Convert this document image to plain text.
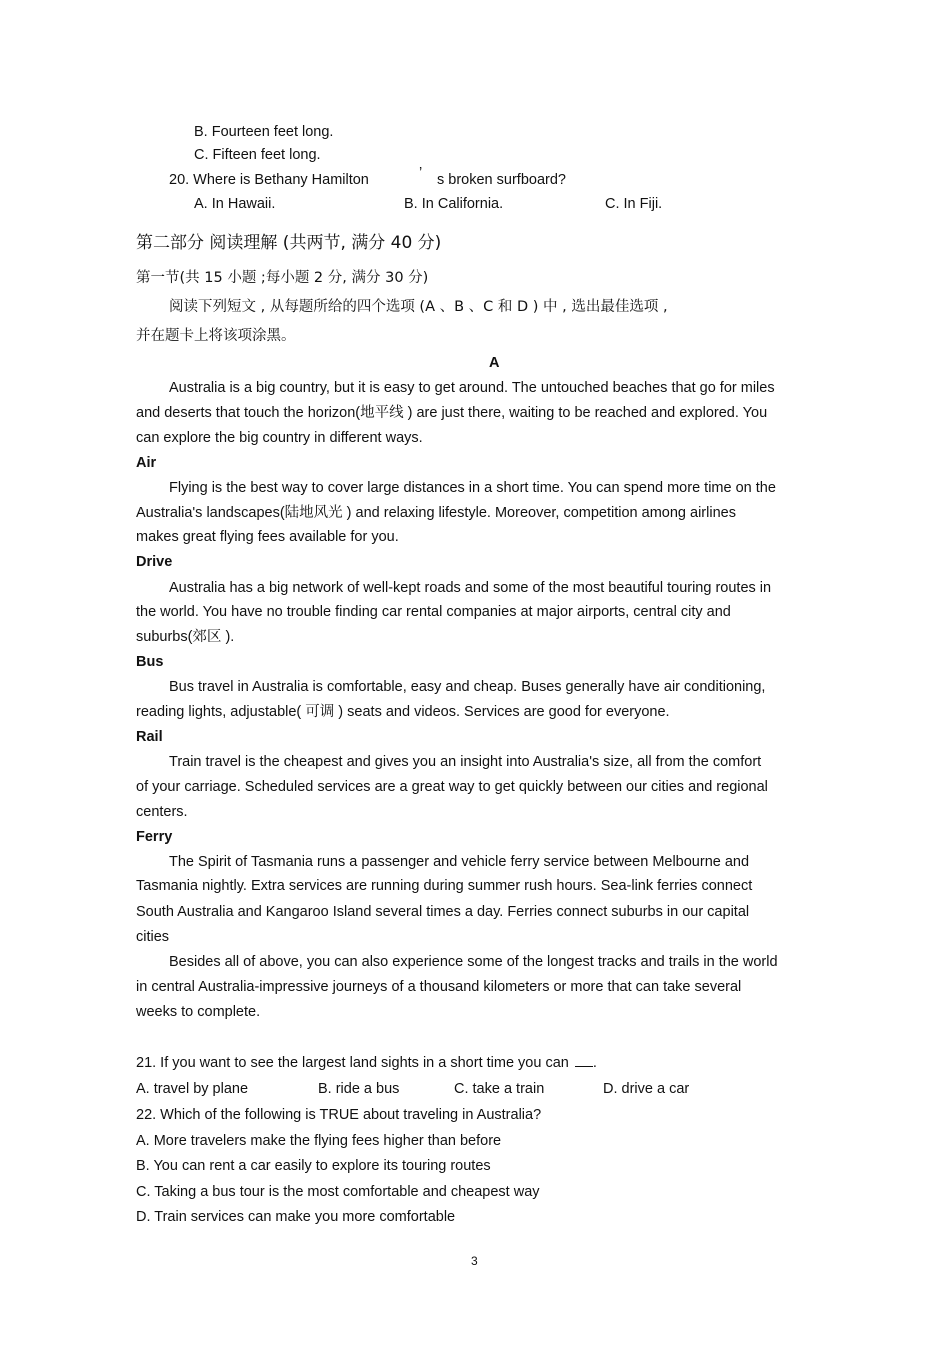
B. Fourteen feet long.
C. Fifteen feet long.
20. Where is Bethany Hamilton	’ s broken surfboard?
A. In Hawaii.	B. In California.	C. In Fiji.
第二部分 阅读理解 (共两节, 满分 40 分)
第一节(共 15 小题 ;每小题 2 分, 满分 30 分)
阅读下列短文 , 从每题所给的四个选项 (A 、B 、C 和 D ) 中 , 选出最佳选项 ,
并在题卡上将该项涂黑。
A
Australia is a big country, but it is easy to get around. The untouched beaches that go for miles
and deserts that touch the horizon(地平线 ) are just there, waiting to be reached and explored. You
can explore the big country in different ways.
Air
Flying is the best way to cover large distances in a short time. You can spend more time on the
Australia's landscapes(陆地风光 ) and relaxing lifestyle. Moreover, competition among airlines
makes great flying fees available for you.
Drive
Australia has a big network of well-kept roads and some of the most beautiful touring routes in
the world. You have no trouble finding car rental companies at major airports, central city and
suburbs(郊区 ).
Bus
Bus travel in Australia is comfortable, easy and cheap. Buses generally have air conditioning,
reading lights, adjustable( 可调 ) seats and videos. Services are good for everyone.
Rail
Train travel is the cheapest and gives you an insight into Australia's size, all from the comfort
of your carriage. Scheduled services are a great way to get quickly between our cities and regional
centers.
Ferry
The Spirit of Tasmania runs a passenger and vehicle ferry service between Melbourne and
Tasmania nightly. Extra services are running during summer rush hours. Sea-link ferries connect
South Australia and Kangaroo Island several times a day. Ferries connect suburbs in our capital
cities
Besides all of above, you can also experience some of the longest tracks and trails in the world
in central Australia-impressive journeys of a thousand kilometers or more that can take several
weeks to complete.
21. If you want to see the largest land sights in a short time you can .
A. travel by plane	B. ride a bus	C. take a train	D. drive a car
22. Which of the following is TRUE about traveling in Australia?
A. More travelers make the flying fees higher than before
B. You can rent a car easily to explore its touring routes
C. Taking a bus tour is the most comfortable and cheapest way
D. Train services can make you more comfortable
3
